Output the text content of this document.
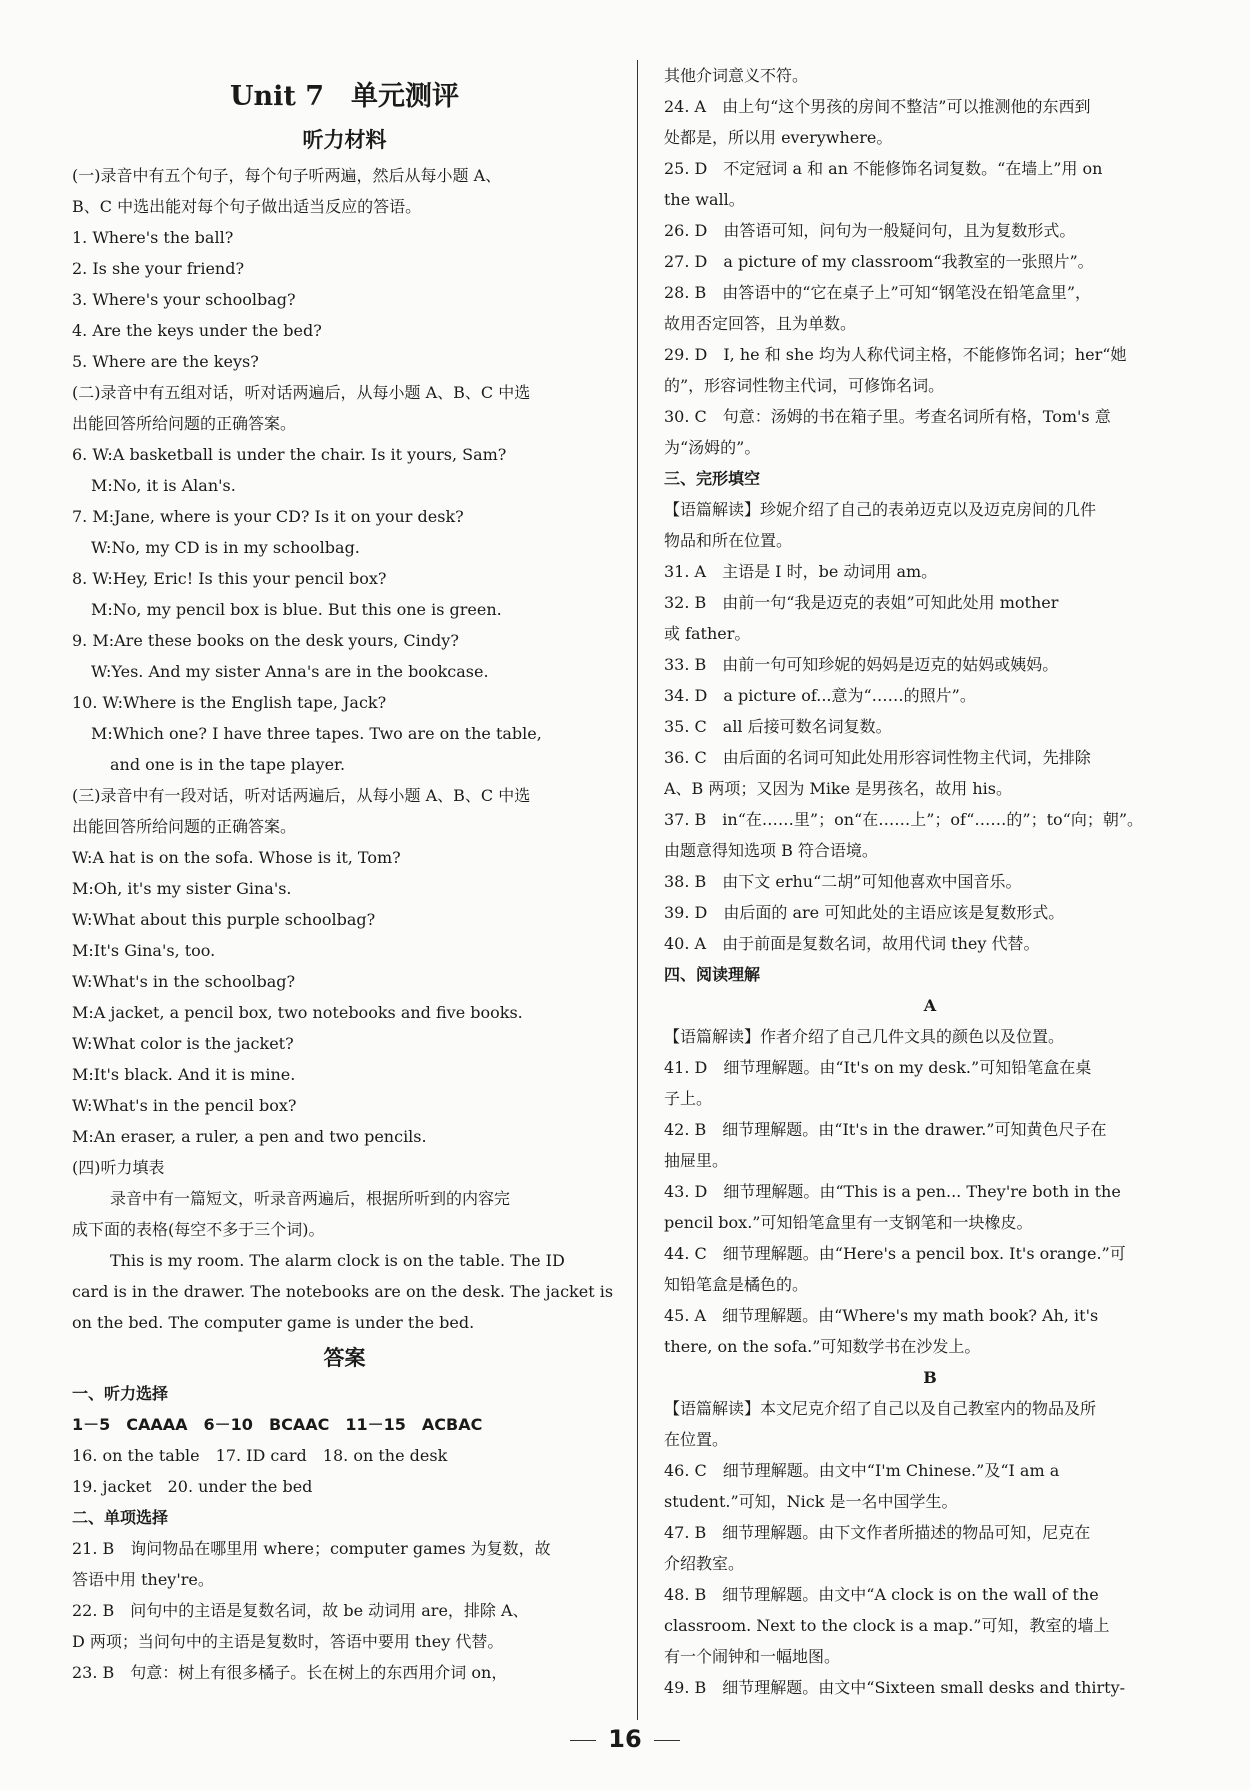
Unit 7　单元测评
听力材料
(一)录音中有五个句子，每个句子听两遍，然后从每小题 A、
B、C 中选出能对每个句子做出适当反应的答语。
1. Where's the ball?
2. Is she your friend?
3. Where's your schoolbag?
4. Are the keys under the bed?
5. Where are the keys?
(二)录音中有五组对话，听对话两遍后，从每小题 A、B、C 中选
出能回答所给问题的正确答案。
6. W:A basketball is under the chair. Is it yours, Sam?
M:No, it is Alan's.
7. M:Jane, where is your CD? Is it on your desk?
W:No, my CD is in my schoolbag.
8. W:Hey, Eric! Is this your pencil box?
M:No, my pencil box is blue. But this one is green.
9. M:Are these books on the desk yours, Cindy?
W:Yes. And my sister Anna's are in the bookcase.
10. W:Where is the English tape, Jack?
M:Which one? I have three tapes. Two are on the table,
and one is in the tape player.
(三)录音中有一段对话，听对话两遍后，从每小题 A、B、C 中选
出能回答所给问题的正确答案。
W:A hat is on the sofa. Whose is it, Tom?
M:Oh, it's my sister Gina's.
W:What about this purple schoolbag?
M:It's Gina's, too.
W:What's in the schoolbag?
M:A jacket, a pencil box, two notebooks and five books.
W:What color is the jacket?
M:It's black. And it is mine.
W:What's in the pencil box?
M:An eraser, a ruler, a pen and two pencils.
(四)听力填表
录音中有一篇短文，听录音两遍后，根据所听到的内容完
成下面的表格(每空不多于三个词)。
This is my room. The alarm clock is on the table. The ID
card is in the drawer. The notebooks are on the desk. The jacket is
on the bed. The computer game is under the bed.
答案
一、听力选择
1－5　CAAAA　6－10　BCAAC　11－15　ACBAC
16. on the table　17. ID card　18. on the desk
19. jacket　20. under the bed
二、单项选择
21. B　询问物品在哪里用 where；computer games 为复数，故
答语中用 they're。
22. B　问句中的主语是复数名词，故 be 动词用 are，排除 A、
D 两项；当问句中的主语是复数时，答语中要用 they 代替。
23. B　句意：树上有很多橘子。长在树上的东西用介词 on，
其他介词意义不符。
24. A　由上句“这个男孩的房间不整洁”可以推测他的东西到
处都是，所以用 everywhere。
25. D　不定冠词 a 和 an 不能修饰名词复数。“在墙上”用 on
the wall。
26. D　由答语可知，问句为一般疑问句，且为复数形式。
27. D　a picture of my classroom“我教室的一张照片”。
28. B　由答语中的“它在桌子上”可知“钢笔没在铅笔盒里”，
故用否定回答，且为单数。
29. D　I, he 和 she 均为人称代词主格，不能修饰名词；her“她
的”，形容词性物主代词，可修饰名词。
30. C　句意：汤姆的书在箱子里。考查名词所有格，Tom's 意
为“汤姆的”。
三、完形填空
【语篇解读】珍妮介绍了自己的表弟迈克以及迈克房间的几件
物品和所在位置。
31. A　主语是 I 时，be 动词用 am。
32. B　由前一句“我是迈克的表姐”可知此处用 mother
或 father。
33. B　由前一句可知珍妮的妈妈是迈克的姑妈或姨妈。
34. D　a picture of...意为“……的照片”。
35. C　all 后接可数名词复数。
36. C　由后面的名词可知此处用形容词性物主代词，先排除
A、B 两项；又因为 Mike 是男孩名，故用 his。
37. B　in“在……里”；on“在……上”；of“……的”；to“向；朝”。
由题意得知选项 B 符合语境。
38. B　由下文 erhu“二胡”可知他喜欢中国音乐。
39. D　由后面的 are 可知此处的主语应该是复数形式。
40. A　由于前面是复数名词，故用代词 they 代替。
四、阅读理解
A
【语篇解读】作者介绍了自己几件文具的颜色以及位置。
41. D　细节理解题。由“It's on my desk.”可知铅笔盒在桌
子上。
42. B　细节理解题。由“It's in the drawer.”可知黄色尺子在
抽屉里。
43. D　细节理解题。由“This is a pen... They're both in the
pencil box.”可知铅笔盒里有一支钢笔和一块橡皮。
44. C　细节理解题。由“Here's a pencil box. It's orange.”可
知铅笔盒是橘色的。
45. A　细节理解题。由“Where's my math book? Ah, it's
there, on the sofa.”可知数学书在沙发上。
B
【语篇解读】本文尼克介绍了自己以及自己教室内的物品及所
在位置。
46. C　细节理解题。由文中“I'm Chinese.”及“I am a
student.”可知，Nick 是一名中国学生。
47. B　细节理解题。由下文作者所描述的物品可知，尼克在
介绍教室。
48. B　细节理解题。由文中“A clock is on the wall of the
classroom. Next to the clock is a map.”可知，教室的墙上
有一个闹钟和一幅地图。
49. B　细节理解题。由文中“Sixteen small desks and thirty-
16
